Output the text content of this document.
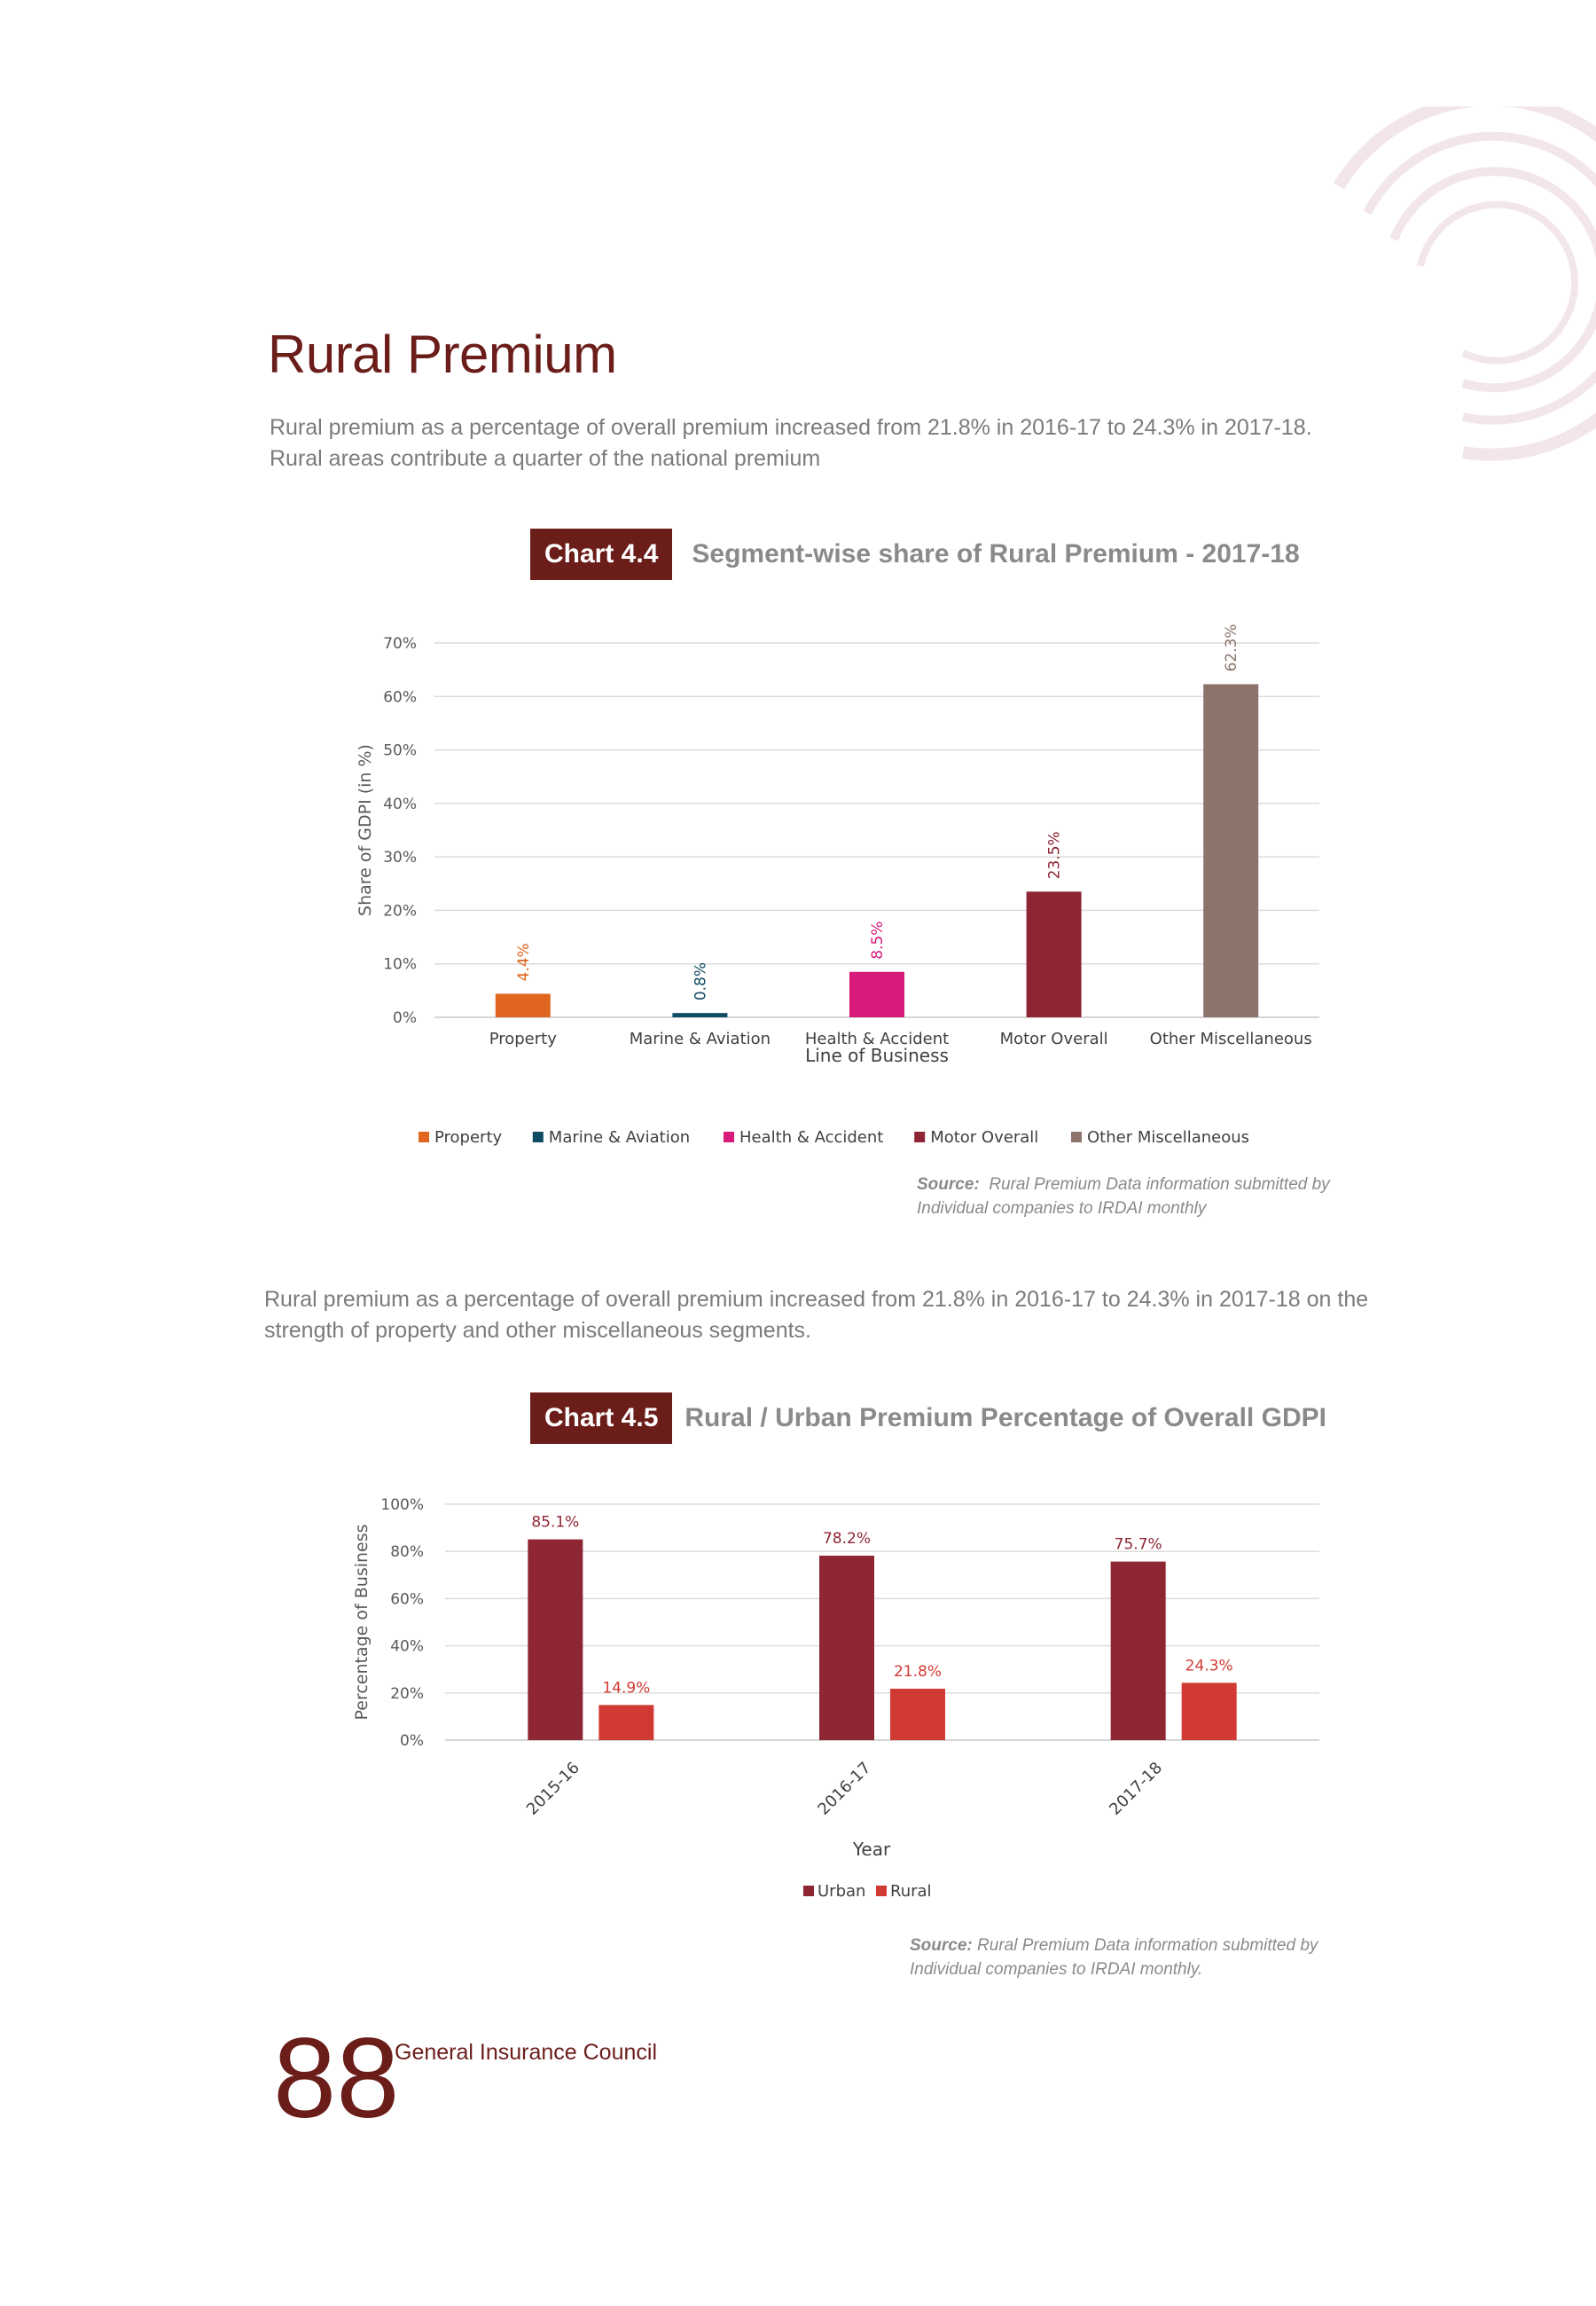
Rural Premium
Rural premium as a percentage of overall premium increased from 21.8% in 2016-17 to 24.3% in 2017-18.
Rural areas contribute a quarter of the national premium
Chart 4.4	Segment-wise share of Rural Premium - 2017-18
0%
10%
20%
30%
40%
50%
60%
70%
Share of GDPI (in %)
4.4%
Property
0.8%
Marine & Aviation
8.5%
Health & Accident
23.5%
Motor Overall
62.3%
Other Miscellaneous
Line of Business
Property	Marine & Aviation	Health & Accident	Motor Overall	Other Miscellaneous
Source: Rural Premium Data information submitted by
Individual companies to IRDAI monthly
Rural premium as a percentage of overall premium increased from 21.8% in 2016-17 to 24.3% in 2017-18 on the strength of property and other miscellaneous segments.
Chart 4.5	Rural / Urban Premium Percentage of Overall GDPI
0%
20%
40%
60%
80%
100%
Percentage of Business
85.1%
14.9%
2015-16
78.2%
21.8%
2016-17
75.7%
24.3%
2017-18
Year
Urban Rural
Source: Rural Premium Data information submitted by
Individual companies to IRDAI monthly.
88
General Insurance Council
